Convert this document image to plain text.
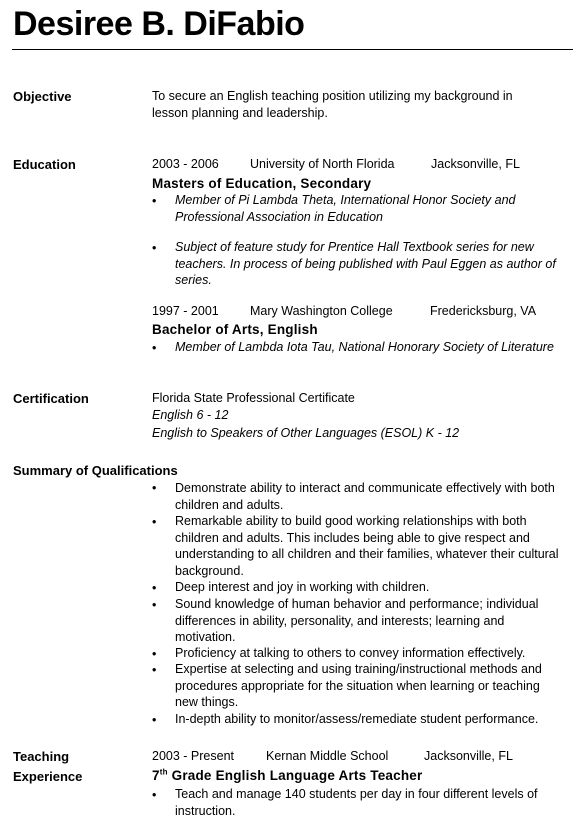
Desiree B. DiFabio
Objective	To secure an English teaching position utilizing my background in lesson planning and leadership.
Education	2003 - 2006	University of North Florida	Jacksonville, FL
Masters of Education, Secondary
• Member of Pi Lambda Theta, International Honor Society and Professional Association in Education
• Subject of feature study for Prentice Hall Textbook series for new teachers. In process of being published with Paul Eggen as author of series.
1997 - 2001	Mary Washington College	Fredericksburg, VA
Bachelor of Arts, English
• Member of Lambda Iota Tau, National Honorary Society of Literature
Certification	Florida State Professional Certificate
English 6 - 12
English to Speakers of Other Languages (ESOL) K - 12
Summary of Qualifications
• Demonstrate ability to interact and communicate effectively with both children and adults.
• Remarkable ability to build good working relationships with both children and adults. This includes being able to give respect and understanding to all children and their families, whatever their cultural background.
• Deep interest and joy in working with children.
• Sound knowledge of human behavior and performance; individual differences in ability, personality, and interests; learning and motivation.
• Proficiency at talking to others to convey information effectively.
• Expertise at selecting and using training/instructional methods and procedures appropriate for the situation when learning or teaching new things.
• In-depth ability to monitor/assess/remediate student performance.
Teaching
Experience
2003 - Present	Kernan Middle School	Jacksonville, FL
7th Grade English Language Arts Teacher
• Teach and manage 140 students per day in four different levels of instruction.
